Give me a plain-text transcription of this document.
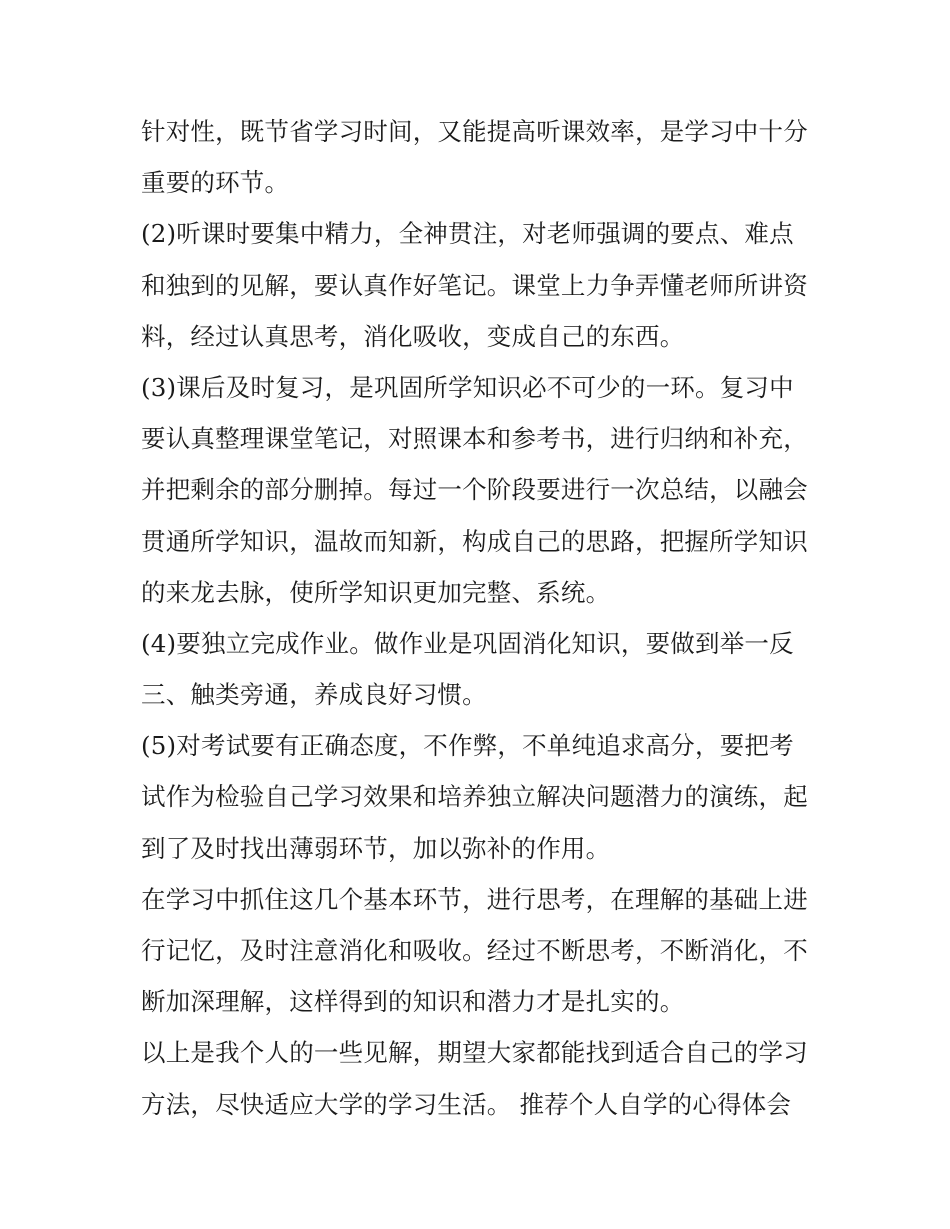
针对性，既节省学习时间，又能提高听课效率，是学习中十分
重要的环节。
(2)听课时要集中精力，全神贯注，对老师强调的要点、难点
和独到的见解，要认真作好笔记。课堂上力争弄懂老师所讲资
料，经过认真思考，消化吸收，变成自己的东西。
(3)课后及时复习，是巩固所学知识必不可少的一环。复习中
要认真整理课堂笔记，对照课本和参考书，进行归纳和补充，
并把剩余的部分删掉。每过一个阶段要进行一次总结，以融会
贯通所学知识，温故而知新，构成自己的思路，把握所学知识
的来龙去脉，使所学知识更加完整、系统。
(4)要独立完成作业。做作业是巩固消化知识，要做到举一反
三、触类旁通，养成良好习惯。
(5)对考试要有正确态度，不作弊，不单纯追求高分，要把考
试作为检验自己学习效果和培养独立解决问题潜力的演练，起
到了及时找出薄弱环节，加以弥补的作用。
在学习中抓住这几个基本环节，进行思考，在理解的基础上进
行记忆，及时注意消化和吸收。经过不断思考，不断消化，不
断加深理解，这样得到的知识和潜力才是扎实的。
以上是我个人的一些见解，期望大家都能找到适合自己的学习
方法，尽快适应大学的学习生活。 推荐个人自学的心得体会
